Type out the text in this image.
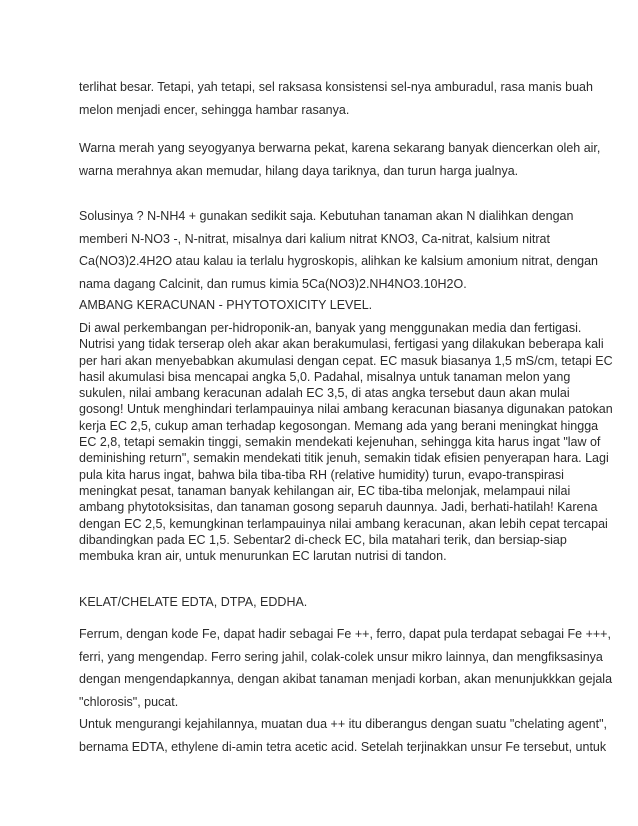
terlihat besar. Tetapi, yah tetapi, sel raksasa konsistensi sel-nya amburadul, rasa manis buah
melon menjadi encer, sehingga hambar rasanya.

Warna merah yang seyogyanya berwarna pekat, karena sekarang banyak diencerkan oleh air,
warna merahnya akan memudar, hilang daya tariknya, dan turun harga jualnya.

Solusinya ? N-NH4 + gunakan sedikit saja. Kebutuhan tanaman akan N dialihkan dengan
memberi N-NO3 -, N-nitrat, misalnya dari kalium nitrat KNO3, Ca-nitrat, kalsium nitrat
Ca(NO3)2.4H2O atau kalau ia terlalu hygroskopis, alihkan ke kalsium amonium nitrat, dengan
nama dagang Calcinit, dan rumus kimia 5Ca(NO3)2.NH4NO3.10H2O.

AMBANG KERACUNAN - PHYTOTOXICITY LEVEL.

Di awal perkembangan per-hidroponik-an, banyak yang menggunakan media dan fertigasi.
Nutrisi yang tidak terserap oleh akar akan berakumulasi, fertigasi yang dilakukan beberapa kali
per hari akan menyebabkan akumulasi dengan cepat. EC masuk biasanya 1,5 mS/cm, tetapi EC
hasil akumulasi bisa mencapai angka 5,0. Padahal, misalnya untuk tanaman melon yang
sukulen, nilai ambang keracunan adalah EC 3,5, di atas angka tersebut daun akan mulai
gosong! Untuk menghindari terlampauinya nilai ambang keracunan biasanya digunakan patokan
kerja EC 2,5, cukup aman terhadap kegosongan. Memang ada yang berani meningkat hingga
EC 2,8, tetapi semakin tinggi, semakin mendekati kejenuhan, sehingga kita harus ingat "law of
deminishing return", semakin mendekati titik jenuh, semakin tidak efisien penyerapan hara. Lagi
pula kita harus ingat, bahwa bila tiba-tiba RH (relative humidity) turun, evapo-transpirasi
meningkat pesat, tanaman banyak kehilangan air, EC tiba-tiba melonjak, melampaui nilai
ambang phytotoksisitas, dan tanaman gosong separuh daunnya. Jadi, berhati-hatilah! Karena
dengan EC 2,5, kemungkinan terlampauinya nilai ambang keracunan, akan lebih cepat tercapai
dibandingkan pada EC 1,5. Sebentar2 di-check EC, bila matahari terik, dan bersiap-siap
membuka kran air, untuk menurunkan EC larutan nutrisi di tandon.

KELAT/CHELATE EDTA, DTPA, EDDHA.

Ferrum, dengan kode Fe, dapat hadir sebagai Fe ++, ferro, dapat pula terdapat sebagai Fe +++,
ferri, yang mengendap. Ferro sering jahil, colak-colek unsur mikro lainnya, dan mengfiksasinya
dengan mengendapkannya, dengan akibat tanaman menjadi korban, akan menunjukkkan gejala
"chlorosis", pucat.
Untuk mengurangi kejahilannya, muatan dua ++ itu diberangus dengan suatu "chelating agent",
bernama EDTA, ethylene di-amin tetra acetic acid. Setelah terjinakkan unsur Fe tersebut, untuk
